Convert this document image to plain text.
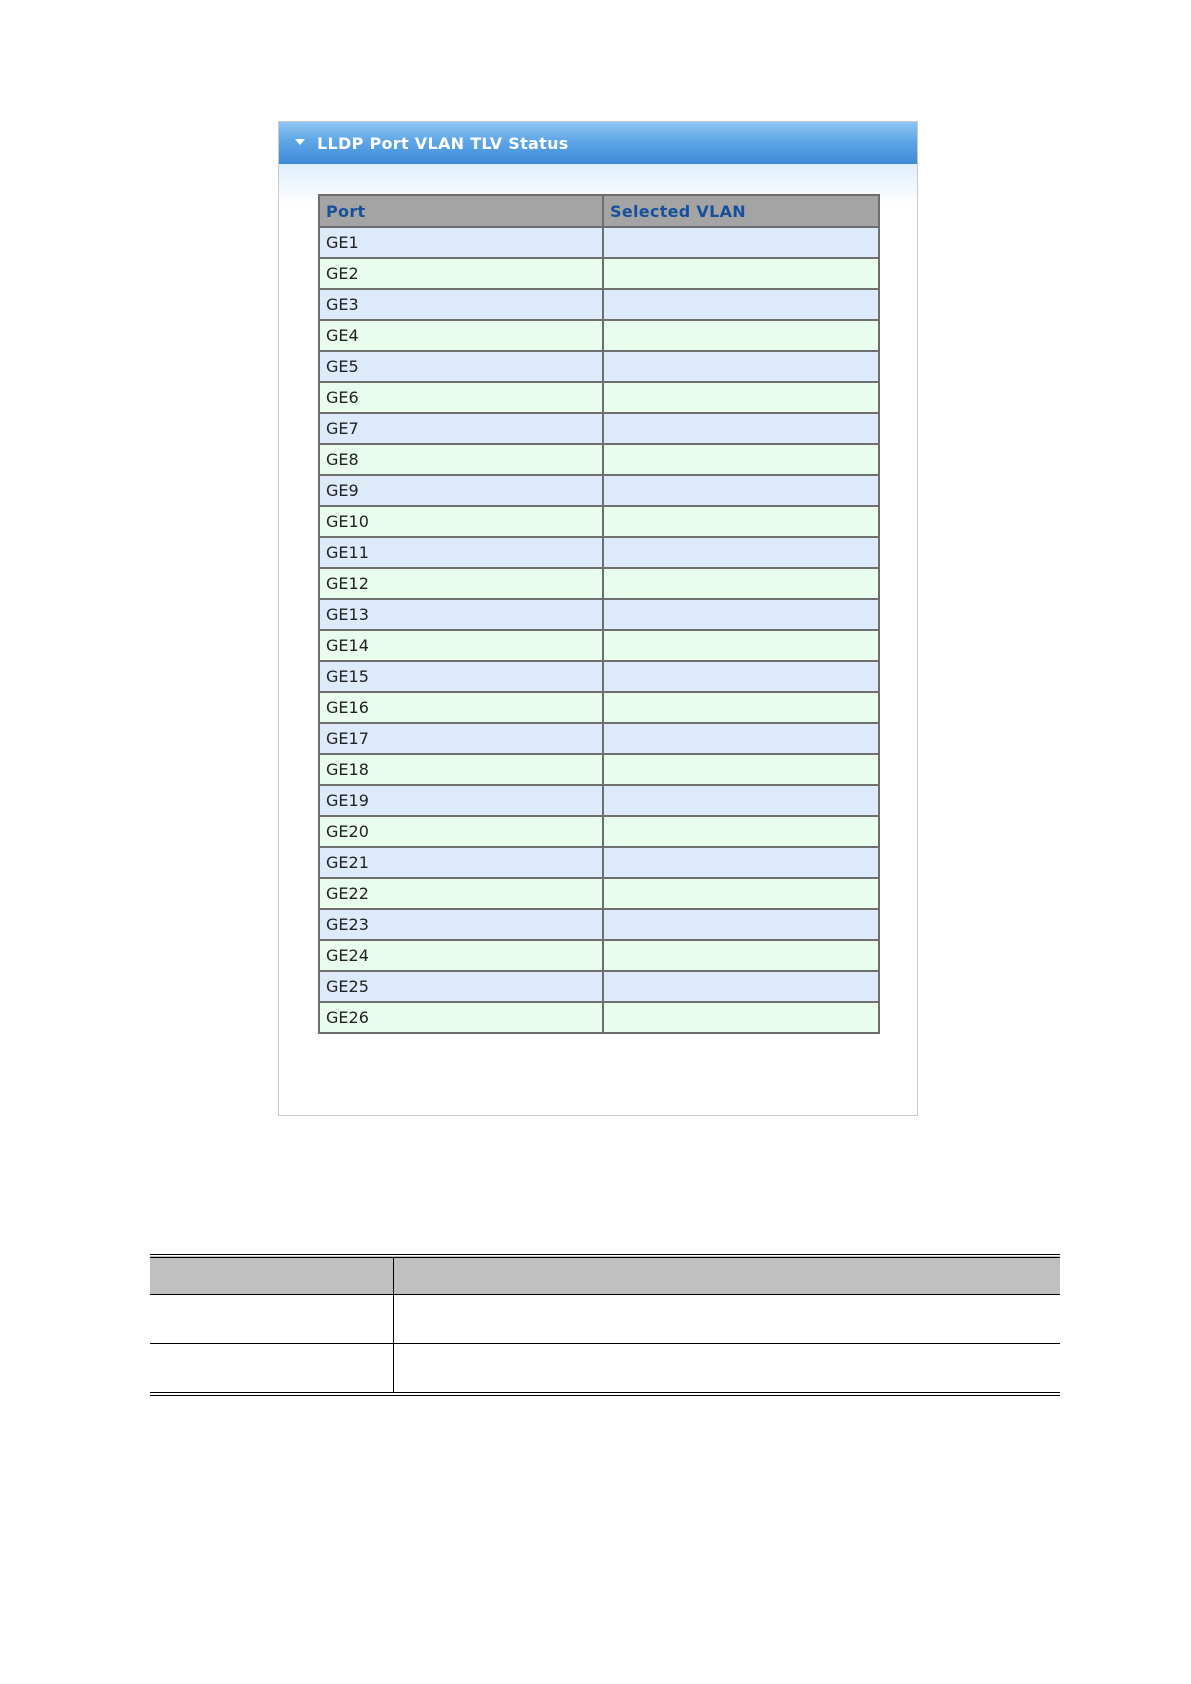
LLDP Port VLAN TLV Status
Port	Selected VLAN
GE1	
GE2	
GE3	
GE4	
GE5	
GE6	
GE7	
GE8	
GE9	
GE10	
GE11	
GE12	
GE13	
GE14	
GE15	
GE16	
GE17	
GE18	
GE19	
GE20	
GE21	
GE22	
GE23	
GE24	
GE25	
GE26	
